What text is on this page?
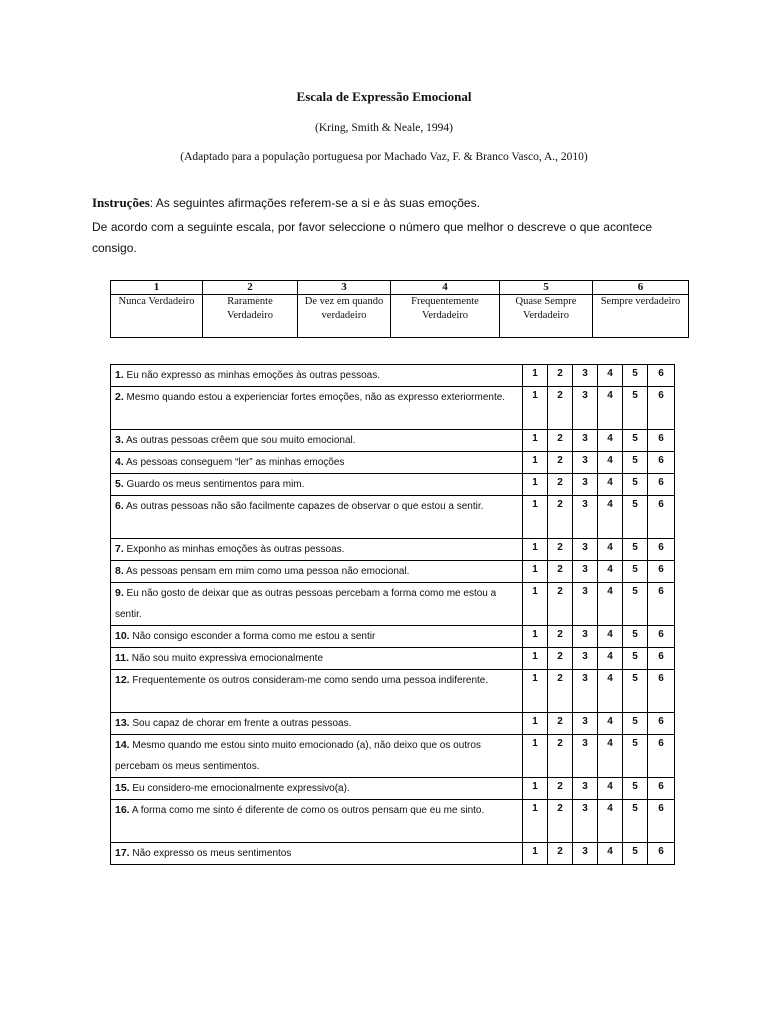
Escala de Expressão Emocional
(Kring, Smith & Neale, 1994)
(Adaptado para a população portuguesa por Machado Vaz, F. & Branco Vasco, A., 2010)
Instruções: As seguintes afirmações referem-se a si e às suas emoções.
De acordo com a seguinte escala, por favor seleccione o número que melhor o descreve o que acontece consigo.
1	2	3	4	5	6
Nunca Verdadeiro	Raramente Verdadeiro	De vez em quando verdadeiro	Frequentemente Verdadeiro	Quase Sempre Verdadeiro	Sempre verdadeiro
1. Eu não expresso as minhas emoções às outras pessoas.	1	2	3	4	5	6
2. Mesmo quando estou a experienciar fortes emoções, não as expresso exteriormente.	1	2	3	4	5	6
3. As outras pessoas crêem que sou muito emocional.	1	2	3	4	5	6
4. As pessoas conseguem “ler” as minhas emoções	1	2	3	4	5	6
5. Guardo os meus sentimentos para mim.	1	2	3	4	5	6
6. As outras pessoas não são facilmente capazes de observar o que estou a sentir.	1	2	3	4	5	6
7. Exponho as minhas emoções às outras pessoas.	1	2	3	4	5	6
8. As pessoas pensam em mim como uma pessoa não emocional.	1	2	3	4	5	6
9. Eu não gosto de deixar que as outras pessoas percebam a forma como me estou a sentir.	1	2	3	4	5	6
10. Não consigo esconder a forma como me estou a sentir	1	2	3	4	5	6
11. Não sou muito expressiva emocionalmente	1	2	3	4	5	6
12. Frequentemente os outros consideram-me como sendo uma pessoa indiferente.	1	2	3	4	5	6
13. Sou capaz de chorar em frente a outras pessoas.	1	2	3	4	5	6
14. Mesmo quando me estou sinto muito emocionado (a), não deixo que os outros percebam os meus sentimentos.	1	2	3	4	5	6
15. Eu considero-me emocionalmente expressivo(a).	1	2	3	4	5	6
16. A forma como me sinto é diferente de como os outros pensam que eu me sinto.	1	2	3	4	5	6
17. Não expresso os meus sentimentos	1	2	3	4	5	6
